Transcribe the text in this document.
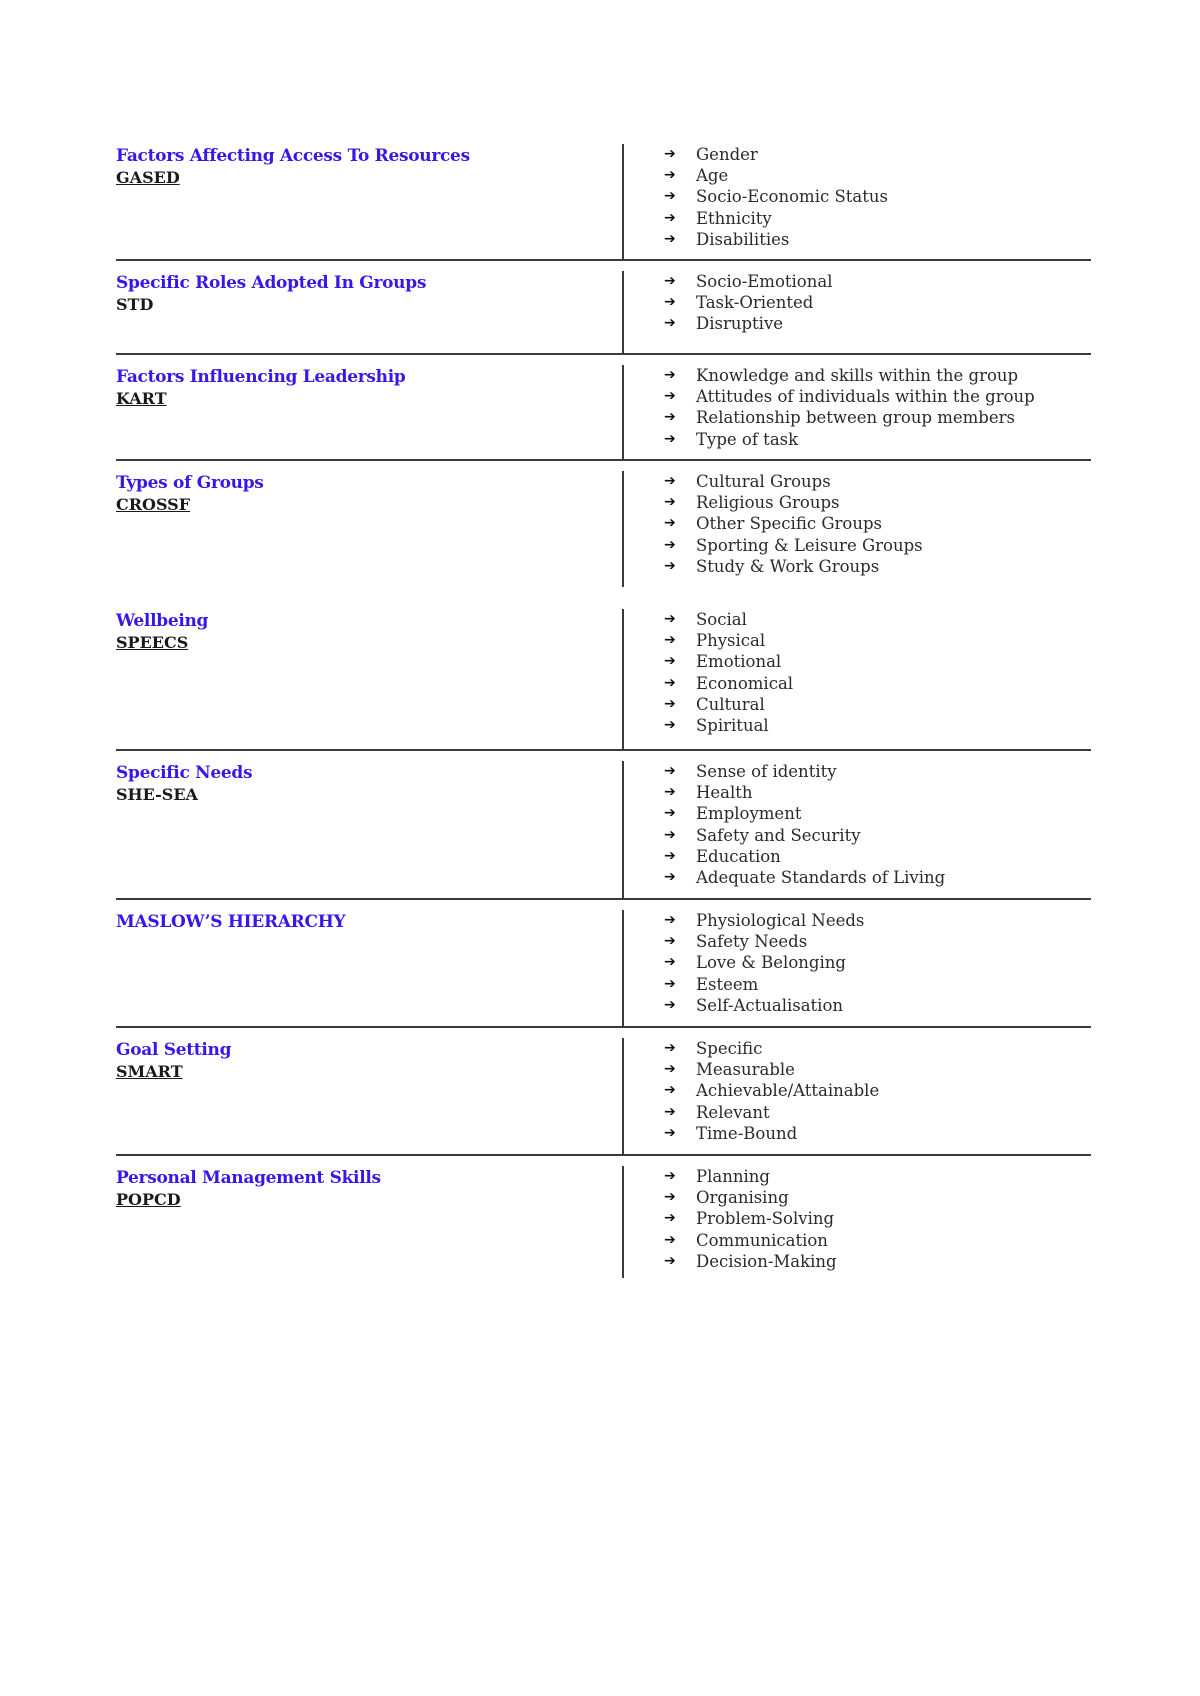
Factors Affecting Access To Resources
GASED
➔	Gender
➔	Age
➔	Socio-Economic Status
➔	Ethnicity
➔	Disabilities
Specific Roles Adopted In Groups
STD
➔	Socio-Emotional
➔	Task-Oriented
➔	Disruptive
Factors Influencing Leadership
KART
➔	Knowledge and skills within the group
➔	Attitudes of individuals within the group
➔	Relationship between group members
➔	Type of task
Types of Groups
CROSSF
➔	Cultural Groups
➔	Religious Groups
➔	Other Specific Groups
➔	Sporting & Leisure Groups
➔	Study & Work Groups
Wellbeing
SPEECS
➔	Social
➔	Physical
➔	Emotional
➔	Economical
➔	Cultural
➔	Spiritual
Specific Needs
SHE-SEA
➔	Sense of identity
➔	Health
➔	Employment
➔	Safety and Security
➔	Education
➔	Adequate Standards of Living
MASLOW’S HIERARCHY	➔	Physiological Needs
➔	Safety Needs
➔	Love & Belonging
➔	Esteem
➔	Self-Actualisation
Goal Setting
SMART
➔	Specific
➔	Measurable
➔	Achievable/Attainable
➔	Relevant
➔	Time-Bound
Personal Management Skills
POPCD
➔	Planning
➔	Organising
➔	Problem-Solving
➔	Communication
➔	Decision-Making
